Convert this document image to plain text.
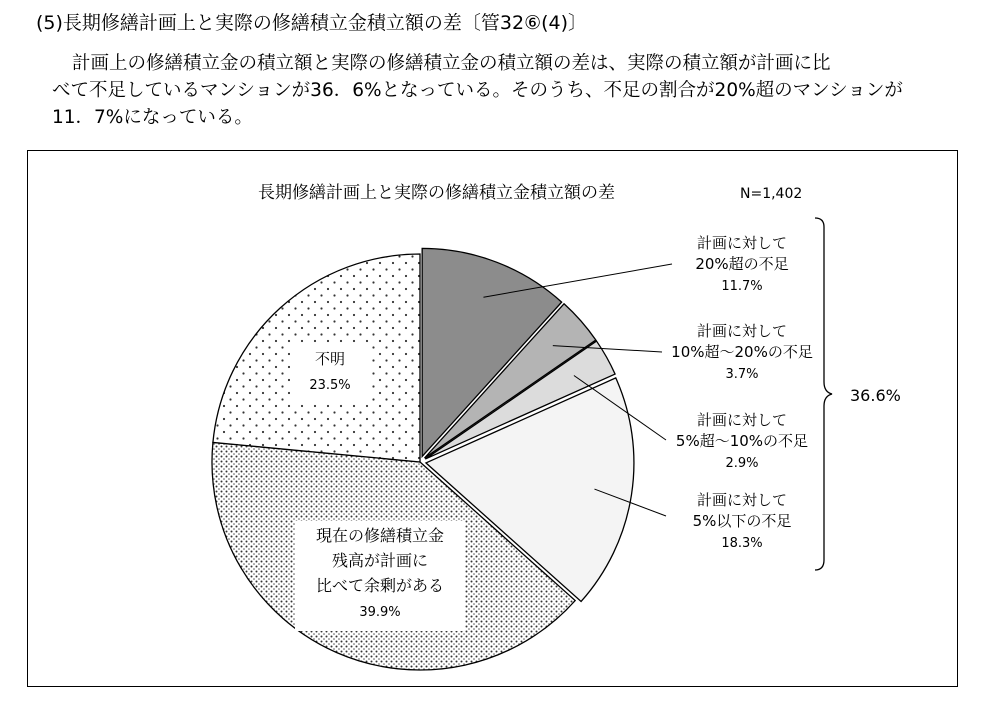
(5)長期修繕計画上と実際の修繕積立金積立額の差〔管32⑥(4)〕
計画上の修繕積立金の積立額と実際の修繕積立金の積立額の差は、実際の積立額が計画に比
べて不足しているマンションが36．6%となっている。そのうち、不足の割合が20%超のマンションが
11．7%になっている。
長期修繕計画上と実際の修繕積立金積立額の差	N=1,402
計画に対して
20%超の不足
11.7%
計画に対して
10%超～20%の不足
3.7%
計画に対して
5%超～10%の不足
2.9%
計画に対して
5%以下の不足
18.3%
現在の修繕積立金
残高が計画に
比べて余剰がある
39.9%
不明
23.5%
36.6%
